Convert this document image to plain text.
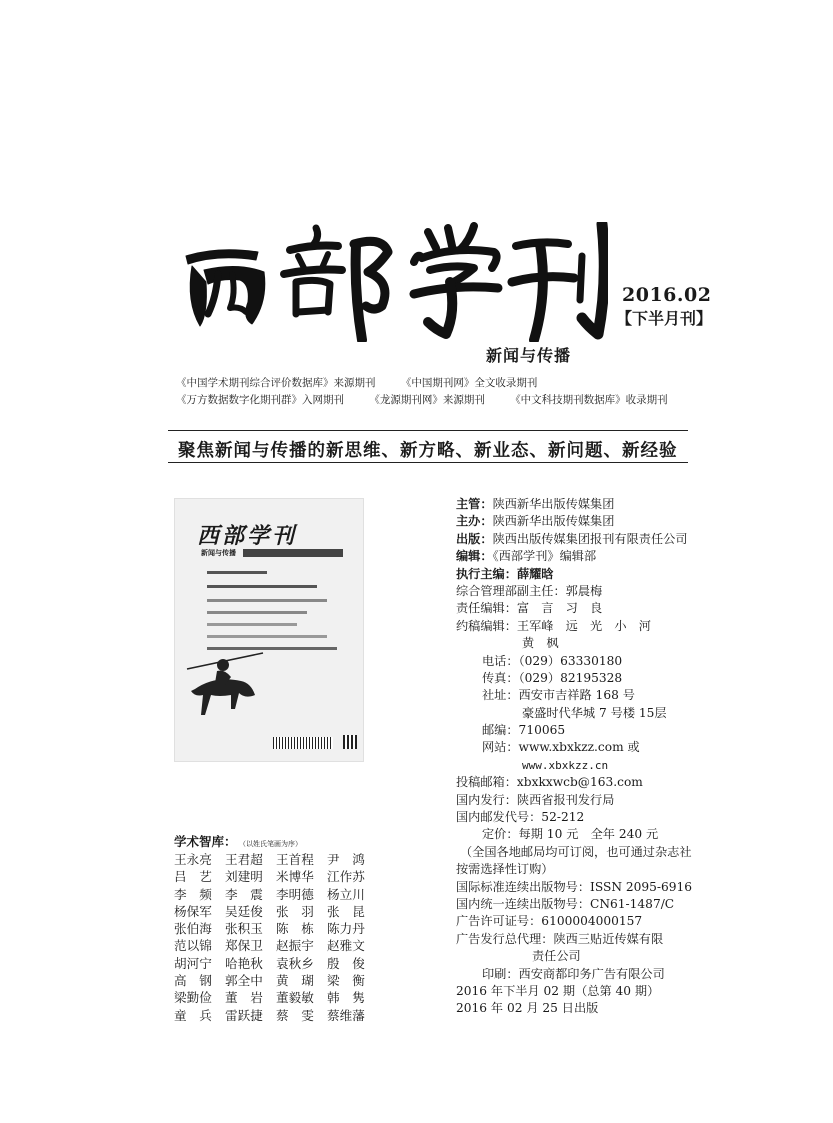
2016.02
【下半月刊】
新闻与传播
《中国学术期刊综合评价数据库》来源期刊 《中国期刊网》全文收录期刊
《万方数据数字化期刊群》入网期刊 《龙源期刊网》来源期刊 《中文科技期刊数据库》收录期刊
聚焦新闻与传播的新思维、新方略、新业态、新问题、新经验
西部学刊
新闻与传播
主管：陕西新华出版传媒集团
主办：陕西新华出版传媒集团
出版：陕西出版传媒集团报刊有限责任公司
编辑：《西部学刊》编辑部
执行主编：薛耀晗
综合管理部副主任：郭晨梅
责任编辑：富　言　习　良
约稿编辑：王军峰　远　光　小　河
黄　枫
电话：（029）63330180
传真：（029）82195328
社址：西安市吉祥路 168 号
豪盛时代华城 7 号楼 15层
邮编：710065
网站：www.xbxkzz.com 或
www.xbxkzz.cn
投稿邮箱：xbxkxwcb@163.com
国内发行：陕西省报刊发行局
国内邮发代号：52-212
定价：每期 10 元　全年 240 元
（全国各地邮局均可订阅，也可通过杂志社
按需选择性订购）
国际标准连续出版物号：ISSN 2095-6916
国内统一连续出版物号：CN61-1487/C
广告许可证号：6100004000157
广告发行总代理：陕西三贴近传媒有限
责任公司
印刷：西安商都印务广告有限公司
2016 年下半月 02 期（总第 40 期）
2016 年 02 月 25 日出版
学术智库： （以姓氏笔画为序）
王永亮	王君超	王首程	尹　鸿
吕　艺	刘建明	米博华	江作苏
李　频	李　震	李明德	杨立川
杨保军	吴廷俊	张　羽	张　昆
张伯海	张积玉	陈　栋	陈力丹
范以锦	郑保卫	赵振宇	赵雅文
胡河宁	哈艳秋	袁秋乡	殷　俊
高　钢	郭全中	黄　瑚	梁　衡
梁勤俭	董　岩	董毅敏	韩　隽
童　兵	雷跃捷	蔡　雯	蔡维藩
